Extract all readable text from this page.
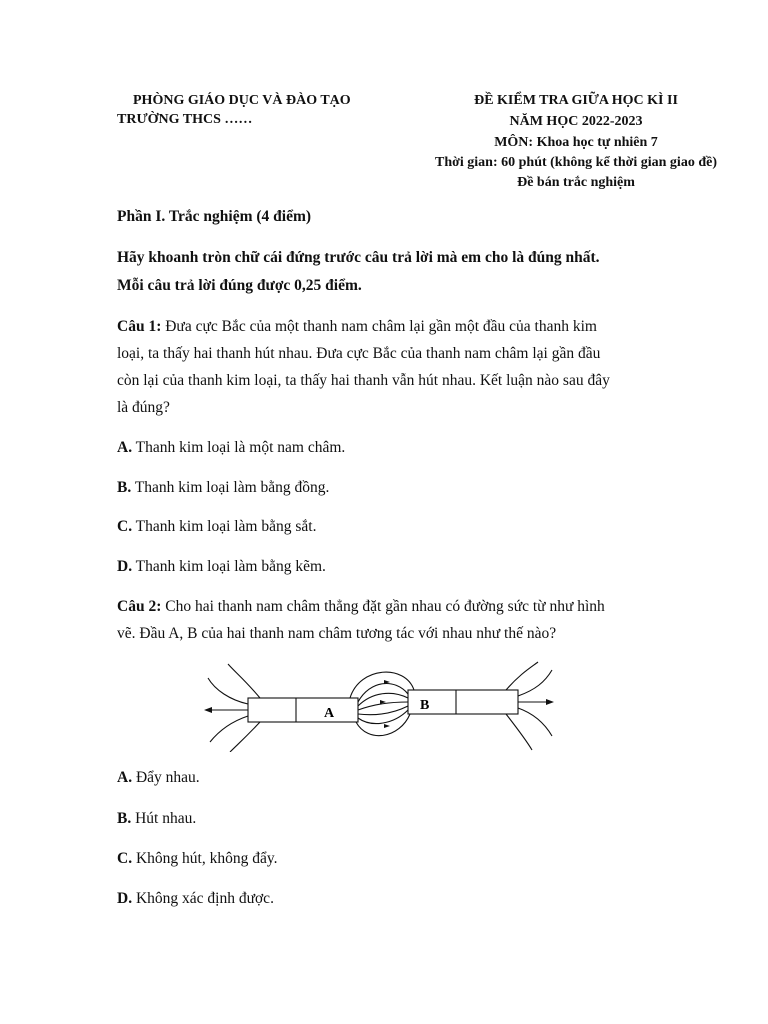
PHÒNG GIÁO DỤC VÀ ĐÀO TẠO
TRƯỜNG THCS ……
ĐỀ KIỂM TRA GIỮA HỌC KÌ II
NĂM HỌC 2022-2023
MÔN: Khoa học tự nhiên 7
Thời gian: 60 phút (không kể thời gian giao đề)
Đề bán trắc nghiệm
Phần I. Trắc nghiệm (4 điểm)
Hãy khoanh tròn chữ cái đứng trước câu trả lời mà em cho là đúng nhất.
Mỗi câu trả lời đúng được 0,25 điểm.
Câu 1: Đưa cực Bắc của một thanh nam châm lại gần một đầu của thanh kim
loại, ta thấy hai thanh hút nhau. Đưa cực Bắc của thanh nam châm lại gần đầu
còn lại của thanh kim loại, ta thấy hai thanh vẫn hút nhau. Kết luận nào sau đây
là đúng?
A. Thanh kim loại là một nam châm.
B. Thanh kim loại làm bằng đồng.
C. Thanh kim loại làm bằng sắt.
D. Thanh kim loại làm bằng kẽm.
Câu 2: Cho hai thanh nam châm thẳng đặt gần nhau có đường sức từ như hình
vẽ. Đầu A, B của hai thanh nam châm tương tác với nhau như thế nào?
A
B
A. Đẩy nhau.
B. Hút nhau.
C. Không hút, không đẩy.
D. Không xác định được.
